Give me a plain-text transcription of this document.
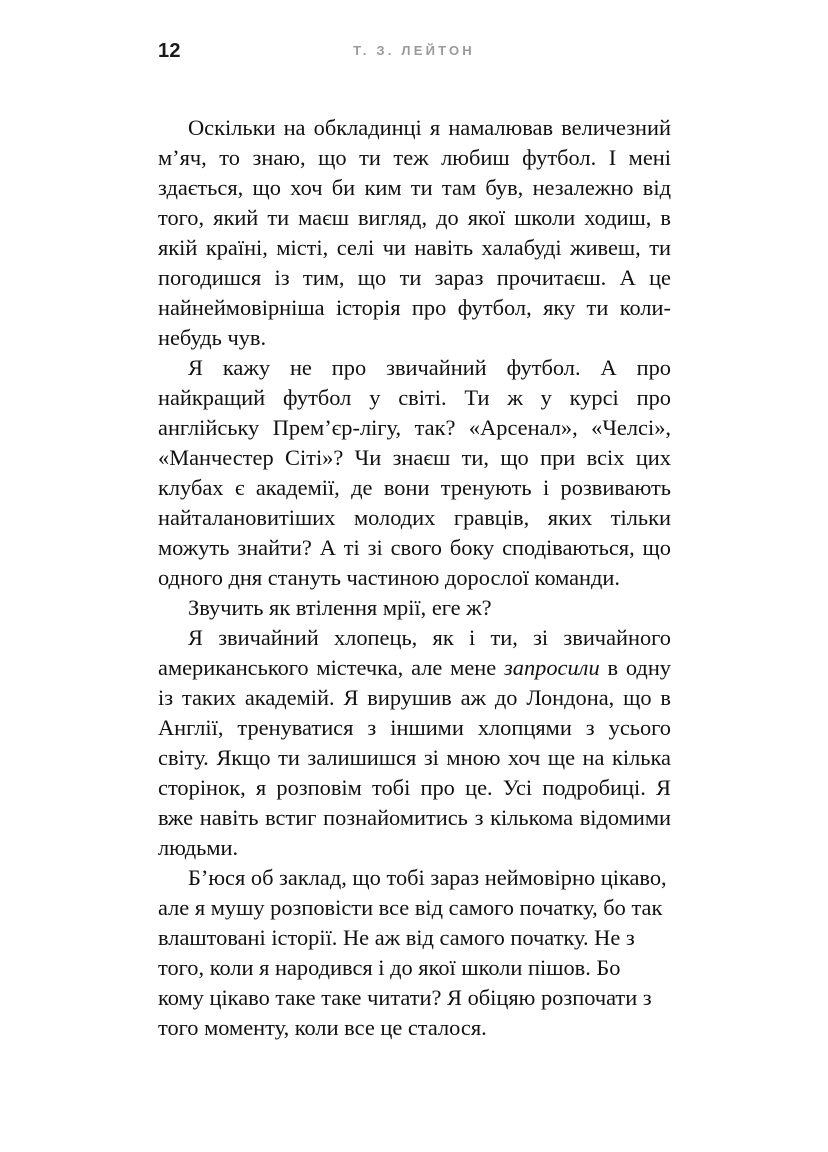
12	Т. З. ЛЕЙТОН

Оскільки на обкладинці я намалював величезний м’яч, то знаю, що ти теж любиш футбол. І мені здається, що хоч би ким ти там був, незалежно від того, який ти маєш вигляд, до якої школи ходиш, в якій країні, місті, селі чи навіть халабуді живеш, ти погодишся із тим, що ти зараз прочитаєш. А це найнеймовірніша історія про футбол, яку ти коли-небудь чув.

Я кажу не про звичайний футбол. А про найкращий футбол у світі. Ти ж у курсі про англійську Прем’єр-лігу, так? «Арсенал», «Челсі», «Манчестер Сіті»? Чи знаєш ти, що при всіх цих клубах є академії, де вони тренують і розвивають найталановитіших молодих гравців, яких тільки можуть знайти? А ті зі свого боку сподіваються, що одного дня стануть частиною дорослої команди.

Звучить як втілення мрії, еге ж?

Я звичайний хлопець, як і ти, зі звичайного американського містечка, але мене запросили в одну із таких академій. Я вирушив аж до Лондона, що в Англії, тренуватися з іншими хлопцями з усього світу. Якщо ти залишишся зі мною хоч ще на кілька сторінок, я розповім тобі про це. Усі подробиці. Я вже навіть встиг познайомитись з кількома відомими людьми.

Б’юся об заклад, що тобі зараз неймовірно цікаво, але я мушу розповісти все від самого початку, бо так влаштовані історії. Не аж від самого початку. Не з того, коли я народився і до якої школи пішов. Бо кому цікаво таке таке читати? Я обіцяю розпочати з того моменту, коли все це сталося.
